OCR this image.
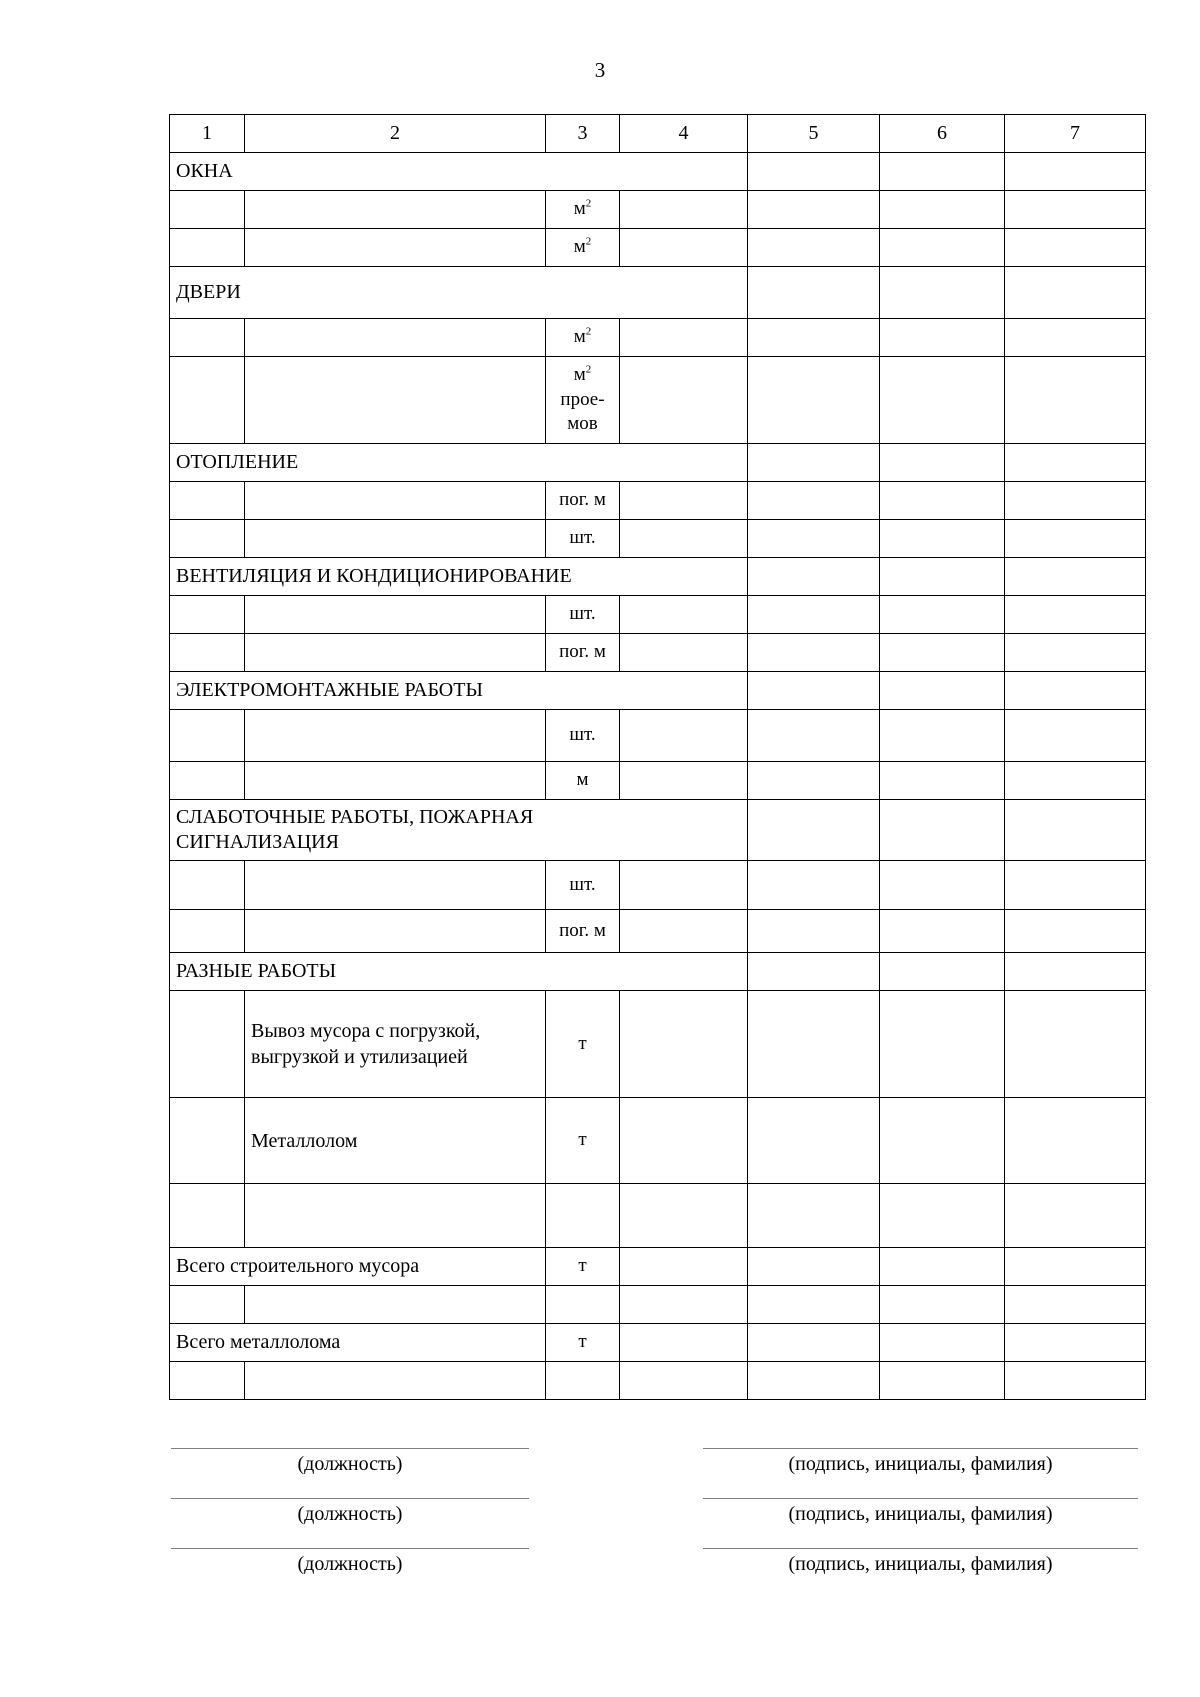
3
1	2	3	4	5	6	7
ОКНА						
		$м^2$				
		$м^2$				
ДВЕРИ						
		$м^2$				

		$м^2$
прое-
мов				

ОТОПЛЕНИЕ						
		пог. м				
		шт.				
ВЕНТИЛЯЦИЯ И КОНДИЦИОНИРОВАНИЕ						
		шт.				
		пог. м				
ЭЛЕКТРОМОНТАЖНЫЕ РАБОТЫ						
		шт.				
		м				

СЛАБОТОЧНЫЕ РАБОТЫ, ПОЖАРНАЯ
СИГНАЛИЗАЦИЯ						

		шт.				
		пог. м				
РАЗНЫЕ РАБОТЫ						

	Вывоз мусора с погрузкой,
выгрузкой и утилизацией	т				
	Металлолом	т				

Всего строительного мусора		т				

Всего металлолома		т				

(должность)	(подпись, инициалы, фамилия)
(должность)	(подпись, инициалы, фамилия)
(должность)	(подпись, инициалы, фамилия)
